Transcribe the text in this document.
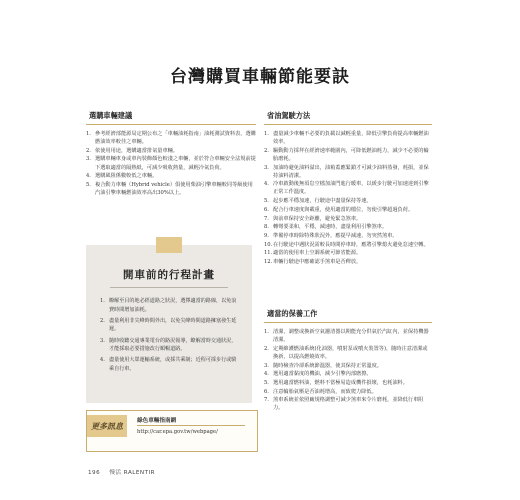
台灣購買車輛節能要訣
選購車輛建議
1. 參考經濟部能源局定期公布之「車輛油耗指南」油耗測試資料表，選購燃油效率較佳之車輛。
2. 依使用用途，選購適當排氣量車輛。
3. 選購車輛車身或車內裝飾顏色較淺之車輛，並於符合車輛安全法規前提下選取適當的隔熱紙，可減少吸收熱量，減輕冷氣負荷。
4. 選購風阻係數較低之車輛。
5. 複合動力車輛（Hybrid vehicle）俱使用柴油引擎車輛較同等級使用汽油引擎車輛燃油效率高出30%以上。
開車前的行程計畫
1. 瞭解至目的地必經道路之狀況，選擇適當的路線，以免浪費時間增加油耗。
2. 盡量利用非尖峰時間外出，以免尖峰時間道路擁塞發生延遲。
3. 隨時收聽交通專業電台的路況報導，瞭解當時交通狀況，才能採取必要措施改行順暢道路。
4. 盡量使用大眾運輸系統，或採共乘制；近程可採步行或騎乘自行車。
更多訊息
綠色車輛指南網
http://car.epa.gov.tw/webpage/
省油駕駛方法
1. 盡量減少車輛不必要的負載以減輕重量，降低引擎負荷提高車輛燃油效率。
2. 驅動動力採拜在經濟速率範圍內，可降低燃油耗力，減少不必要的輪胎磨耗。
3. 加油時避免油料溢出，油箱蓋應緊鎖才可減少油料蒸發，耗損，並保持油料清潔。
4. 冷車啟動後無須怠空檔加油門進行暖車，以緩步行駛可加速達到引擎正常工作溫度。
5. 起步應平穩加速，行駛途中盡量保持等速。
6. 配合行車速度與載重，使用適當的檔位，勿使引擎超過負荷。
7. 與前車保持安全距離，避免緊急煞車。
8. 轉彎要柔和，平穩，減速時，盡量利用引擎煞車。
9. 準備停車時除特殊狀況外，應提早減速，勿突然煞車。
10. 在行駛途中遇狀況需較長時間停車時，應將引擎熄火避免怠速空轉。
11. 適當的使用車上空調系統可節省能源。
12. 車輛行駛途中應確認手煞車是否釋放。
適當的保養工作
1. 清潔，調整或換新空氣濾清器以期能充分供氣於汽缸內，並保持機器清潔。
2. 定期維護燃油系統(化油器，噴射泵或噴火裝置等)，隨時注意清潔或換新，以提高燃燒效率。
3. 隨時檢查冷卻系統節溫器，使其保持正常溫度。
4. 選用適當黏度的機油，減少引擎內部磨擦。
5. 選用適當燃料油，燃料不當極易造成機件損壞，也耗油料。
6. 注意輪胎氣壓是否油耗增高，而致爬力降低。
7. 煞車系統並依照廠規格調整可減少煞車來令片磨耗，並降低行車阻力。
196 慢活 RALENTIR
